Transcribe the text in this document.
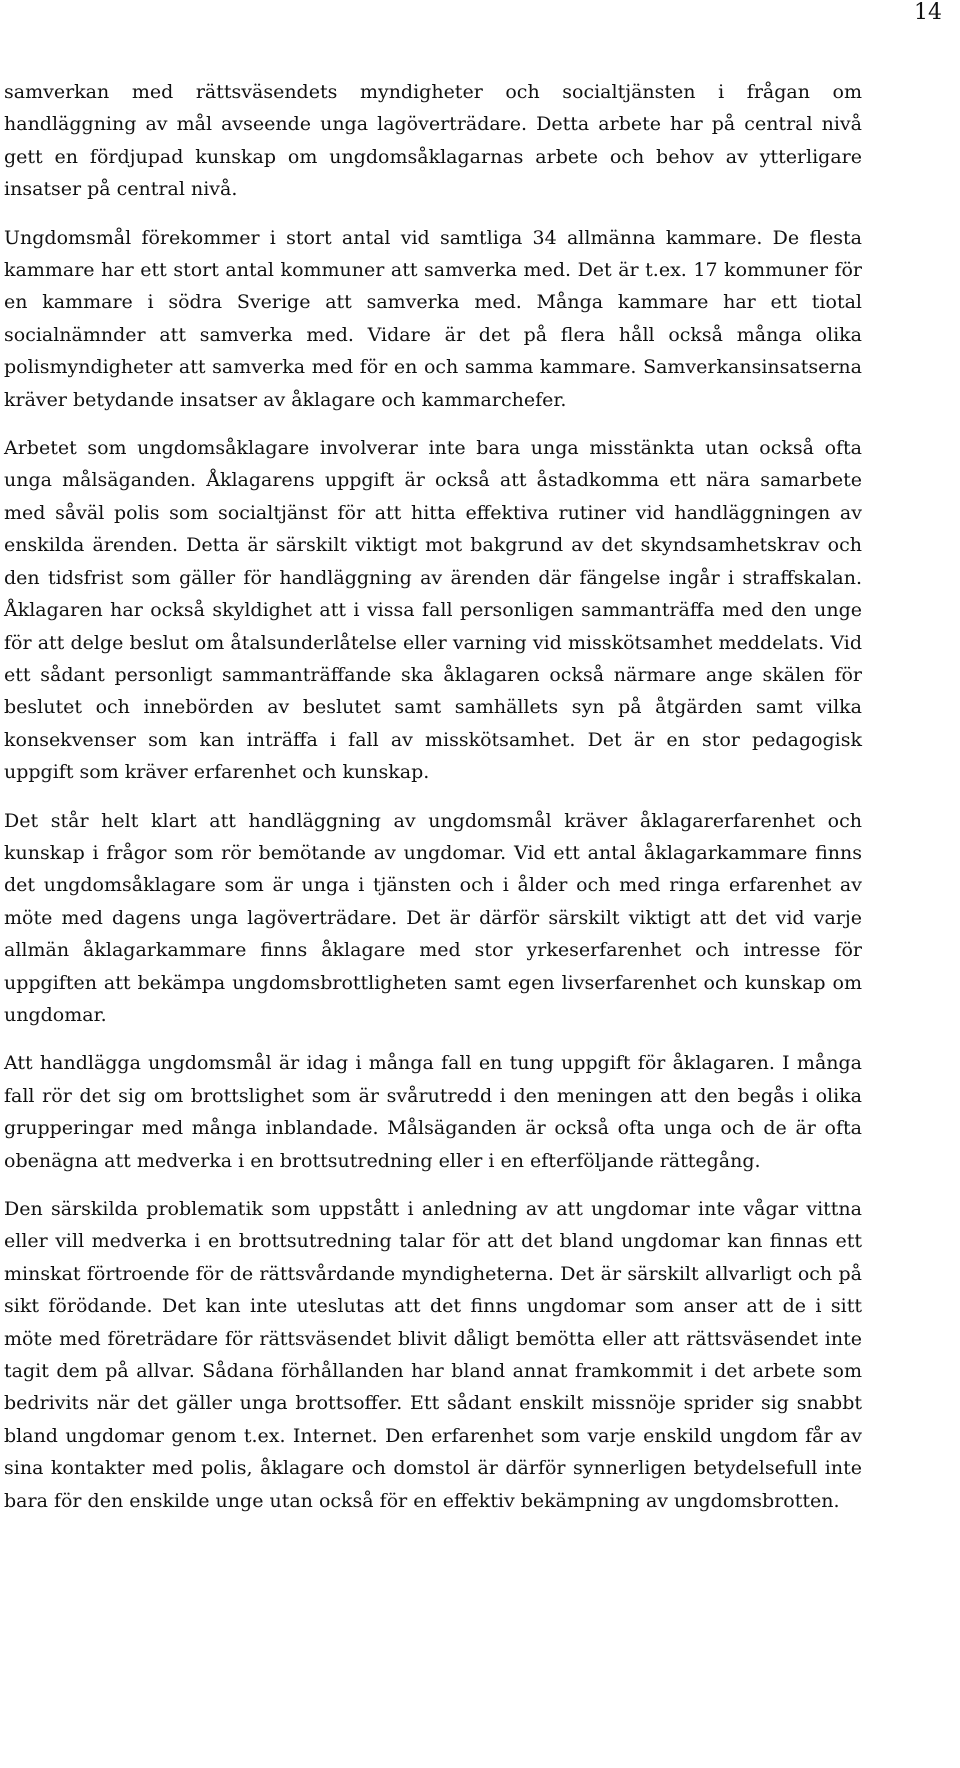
14

samverkan med rättsväsendets myndigheter och socialtjänsten i frågan om handläggning av mål avseende unga lagöverträdare. Detta arbete har på central nivå gett en fördjupad kunskap om ungdomsåklagarnas arbete och behov av ytterligare insatser på central nivå.

Ungdomsmål förekommer i stort antal vid samtliga 34 allmänna kammare. De flesta kammare har ett stort antal kommuner att samverka med. Det är t.ex. 17 kommuner för en kammare i södra Sverige att samverka med. Många kammare har ett tiotal socialnämnder att samverka med. Vidare är det på flera håll också många olika polismyndigheter att samverka med för en och samma kammare. Samverkansinsatserna kräver betydande insatser av åklagare och kammarchefer.

Arbetet som ungdomsåklagare involverar inte bara unga misstänkta utan också ofta unga målsäganden. Åklagarens uppgift är också att åstadkomma ett nära samarbete med såväl polis som socialtjänst för att hitta effektiva rutiner vid handläggningen av enskilda ärenden. Detta är särskilt viktigt mot bakgrund av det skyndsamhetskrav och den tidsfrist som gäller för handläggning av ärenden där fängelse ingår i straffskalan. Åklagaren har också skyldighet att i vissa fall personligen sammanträffa med den unge för att delge beslut om åtalsunderlåtelse eller varning vid misskötsamhet meddelats. Vid ett sådant personligt sammanträffande ska åklagaren också närmare ange skälen för beslutet och innebörden av beslutet samt samhällets syn på åtgärden samt vilka konsekvenser som kan inträffa i fall av misskötsamhet. Det är en stor pedagogisk uppgift som kräver erfarenhet och kunskap.

Det står helt klart att handläggning av ungdomsmål kräver åklagarerfarenhet och kunskap i frågor som rör bemötande av ungdomar. Vid ett antal åklagarkammare finns det ungdomsåklagare som är unga i tjänsten och i ålder och med ringa erfarenhet av möte med dagens unga lagöverträdare. Det är därför särskilt viktigt att det vid varje allmän åklagarkammare finns åklagare med stor yrkeserfarenhet och intresse för uppgiften att bekämpa ungdomsbrottligheten samt egen livserfarenhet och kunskap om ungdomar.

Att handlägga ungdomsmål är idag i många fall en tung uppgift för åklagaren. I många fall rör det sig om brottslighet som är svårutredd i den meningen att den begås i olika grupperingar med många inblandade. Målsäganden är också ofta unga och de är ofta obenägna att medverka i en brottsutredning eller i en efterföljande rättegång.

Den särskilda problematik som uppstått i anledning av att ungdomar inte vågar vittna eller vill medverka i en brottsutredning talar för att det bland ungdomar kan finnas ett minskat förtroende för de rättsvårdande myndigheterna. Det är särskilt allvarligt och på sikt förödande. Det kan inte uteslutas att det finns ungdomar som anser att de i sitt möte med företrädare för rättsväsendet blivit dåligt bemötta eller att rättsväsendet inte tagit dem på allvar. Sådana förhållanden har bland annat framkommit i det arbete som bedrivits när det gäller unga brottsoffer. Ett sådant enskilt missnöje sprider sig snabbt bland ungdomar genom t.ex. Internet. Den erfarenhet som varje enskild ungdom får av sina kontakter med polis, åklagare och domstol är därför synnerligen betydelsefull inte bara för den enskilde unge utan också för en effektiv bekämpning av ungdomsbrotten.
